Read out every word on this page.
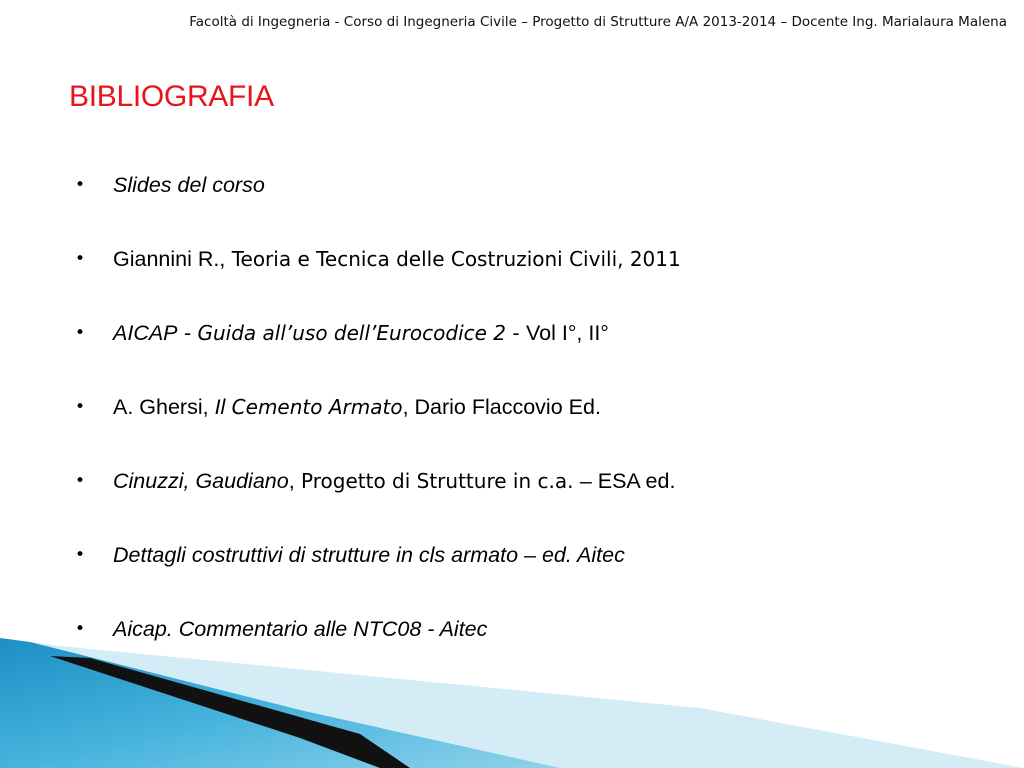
Facoltà di Ingegneria - Corso di Ingegneria Civile – Progetto di Strutture A/A 2013-2014 – Docente Ing. Marialaura Malena
BIBLIOGRAFIA
• Slides del corso
• Giannini R., Teoria e Tecnica delle Costruzioni Civili, 2011
• AICAP - Guida all’uso dell’Eurocodice 2 - Vol I°, II°
• A. Ghersi, Il Cemento Armato, Dario Flaccovio Ed.
• Cinuzzi, Gaudiano, Progetto di Strutture in c.a. – ESA ed.
• Dettagli costruttivi di strutture in cls armato – ed. Aitec
• Aicap. Commentario alle NTC08 - Aitec
